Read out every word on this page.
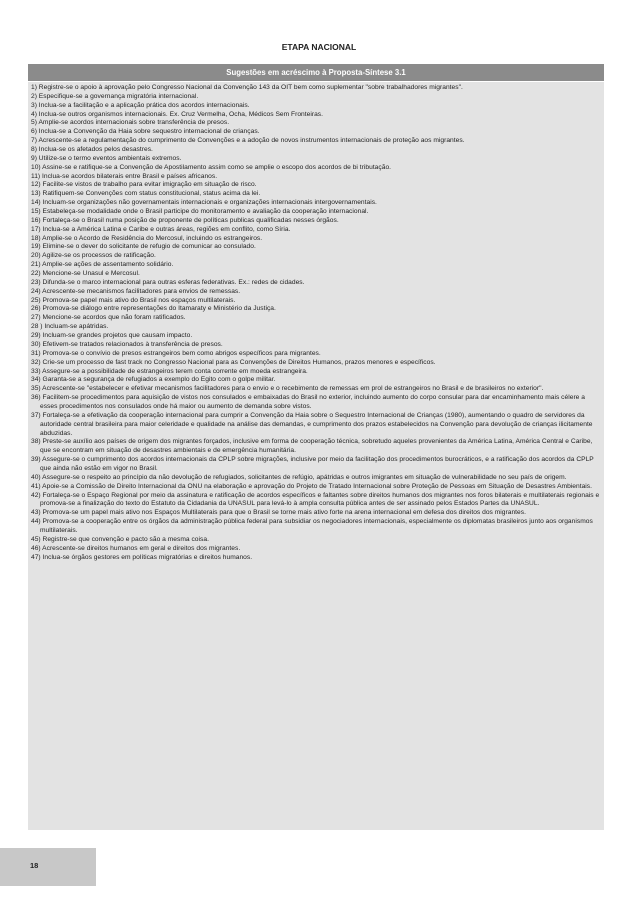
ETAPA NACIONAL
Sugestões em acréscimo à Proposta-Síntese 3.1
1) Registre-se o apoio à aprovação pelo Congresso Nacional da Convenção 143 da OIT bem como suplementar "sobre trabalhadores migrantes".
2) Especifique-se a governança migratória internacional.
3) Inclua-se a facilitação e a aplicação prática dos acordos internacionais.
4) Inclua-se outros organismos internacionais. Ex. Cruz Vermelha, Ocha, Médicos Sem Fronteiras.
5) Amplie-se acordos internacionais sobre transferência de presos.
6) Inclua-se a Convenção da Haia sobre sequestro internacional de crianças.
7) Acrescente-se a regulamentação do cumprimento de Convenções e a adoção de novos instrumentos internacionais de proteção aos migrantes.
8) Inclua-se os afetados pelos desastres.
9) Utilize-se o termo eventos ambientais extremos.
10) Assine-se e ratifique-se a Convenção de Apostilamento assim como se amplie o escopo dos acordos de bi tributação.
11) Inclua-se acordos bilaterais entre Brasil e países africanos.
12) Facilite-se vistos de trabalho para evitar imigração em situação de risco.
13) Ratifiquem-se Convenções com status constitucional, status acima da lei.
14) Incluam-se organizações não governamentais internacionais e organizações internacionais intergovernamentais.
15) Estabeleça-se modalidade onde o Brasil participe do monitoramento e avaliação da cooperação internacional.
16) Fortaleça-se o Brasil numa posição de proponente de políticas publicas qualificadas nesses órgãos.
17) Inclua-se a América Latina e Caribe e outras áreas, regiões em conflito, como Síria.
18) Amplie-se o Acordo de Residência do Mercosul, incluindo os estrangeiros.
19) Elimine-se o dever do solicitante de refugio de comunicar ao consulado.
20) Agilize-se os processos de ratificação.
21) Amplie-se ações de assentamento solidário.
22) Mencione-se Unasul e Mercosul.
23) Difunda-se o marco internacional para outras esferas federativas. Ex.: redes de cidades.
24) Acrescente-se mecanismos facilitadores para envios de remessas.
25) Promova-se papel mais ativo do Brasil nos espaços multilaterais.
26) Promova-se diálogo entre representações do Itamaraty e Ministério da Justiça.
27) Mencione-se acordos que não foram ratificados.
28 ) Incluam-se apátridas.
29) Incluam-se grandes projetos que causam impacto.
30) Efetivem-se tratados relacionados à transferência de presos.
31) Promova-se o convívio de presos estrangeiros bem como abrigos específicos para migrantes.
32) Crie-se um processo de fast track no Congresso Nacional para as Convenções de Direitos Humanos, prazos menores e específicos.
33) Assegure-se a possibilidade de estrangeiros terem conta corrente em moeda estrangeira.
34) Garanta-se a segurança de refugiados a exemplo do Egito com o golpe militar.
35) Acrescente-se "estabelecer e efetivar mecanismos facilitadores para o envio e o recebimento de remessas em prol de estrangeiros no Brasil e de brasileiros no exterior".
36) Facilitem-se procedimentos para aquisição de vistos nos consulados e embaixadas do Brasil no exterior, incluindo aumento do corpo consular para dar encaminhamento mais célere a esses procedimentos nos consulados onde há maior ou aumento de demanda sobre vistos.
37) Fortaleça-se a efetivação da cooperação internacional para cumprir a Convenção da Haia sobre o Sequestro Internacional de Crianças (1980), aumentando o quadro de servidores da autoridade central brasileira para maior celeridade e qualidade na análise das demandas, e cumprimento dos prazos estabelecidos na Convenção para devolução de crianças ilicitamente abduzidas.
38) Preste-se auxílio aos países de origem dos migrantes forçados, inclusive em forma de cooperação técnica, sobretudo aqueles provenientes da América Latina, América Central e Caribe, que se encontram em situação de desastres ambientais e de emergência humanitária.
39) Assegure-se o cumprimento dos acordos internacionais da CPLP sobre migrações, inclusive por meio da facilitação dos procedimentos burocráticos, e a ratificação dos acordos da CPLP que ainda não estão em vigor no Brasil.
40) Assegure-se o respeito ao princípio da não devolução de refugiados, solicitantes de refúgio, apátridas e outros imigrantes em situação de vulnerabilidade no seu país de origem.
41) Apoie-se a Comissão de Direito Internacional da ONU na elaboração e aprovação do Projeto de Tratado Internacional sobre Proteção de Pessoas em Situação de Desastres Ambientais.
42) Fortaleça-se o Espaço Regional por meio da assinatura e ratificação de acordos específicos e faltantes sobre direitos humanos dos migrantes nos foros bilaterais e multilaterais regionais e promova-se a finalização do texto do Estatuto da Cidadania da UNASUL para levá-lo à ampla consulta pública antes de ser assinado pelos Estados Partes da UNASUL.
43) Promova-se um papel mais ativo nos Espaços Multilaterais para que o Brasil se torne mais ativo forte na arena internacional em defesa dos direitos dos migrantes.
44) Promova-se a cooperação entre os órgãos da administração pública federal para subsidiar os negociadores internacionais, especialmente os diplomatas brasileiros junto aos organismos multilaterais.
45) Registre-se que convenção e pacto são a mesma coisa.
46) Acrescente-se direitos humanos em geral e direitos dos migrantes.
47) Inclua-se órgãos gestores em políticas migratórias e direitos humanos.
18
